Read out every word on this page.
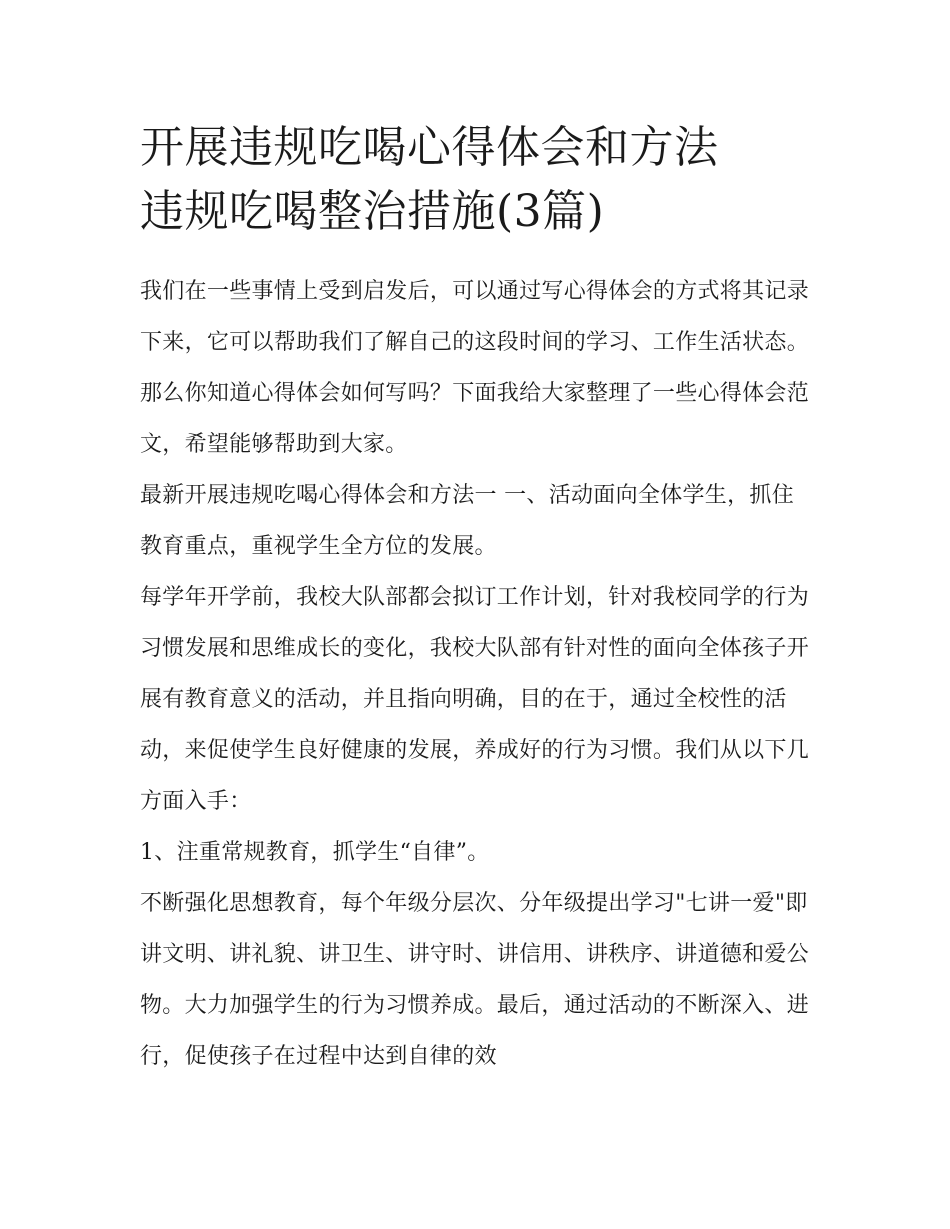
开展违规吃喝心得体会和方法
违规吃喝整治措施(3篇)

我们在一些事情上受到启发后，可以通过写心得体会的方式将其记录下来，它可以帮助我们了解自己的这段时间的学习、工作生活状态。那么你知道心得体会如何写吗？下面我给大家整理了一些心得体会范文，希望能够帮助到大家。

最新开展违规吃喝心得体会和方法一 一、活动面向全体学生，抓住教育重点，重视学生全方位的发展。

每学年开学前，我校大队部都会拟订工作计划，针对我校同学的行为习惯发展和思维成长的变化，我校大队部有针对性的面向全体孩子开展有教育意义的活动，并且指向明确，目的在于，通过全校性的活动，来促使学生良好健康的发展，养成好的行为习惯。我们从以下几方面入手：

1、注重常规教育，抓学生“自律”。

不断强化思想教育，每个年级分层次、分年级提出学习"七讲一爱"即讲文明、讲礼貌、讲卫生、讲守时、讲信用、讲秩序、讲道德和爱公物。大力加强学生的行为习惯养成。最后，通过活动的不断深入、进行，促使孩子在过程中达到自律的效
